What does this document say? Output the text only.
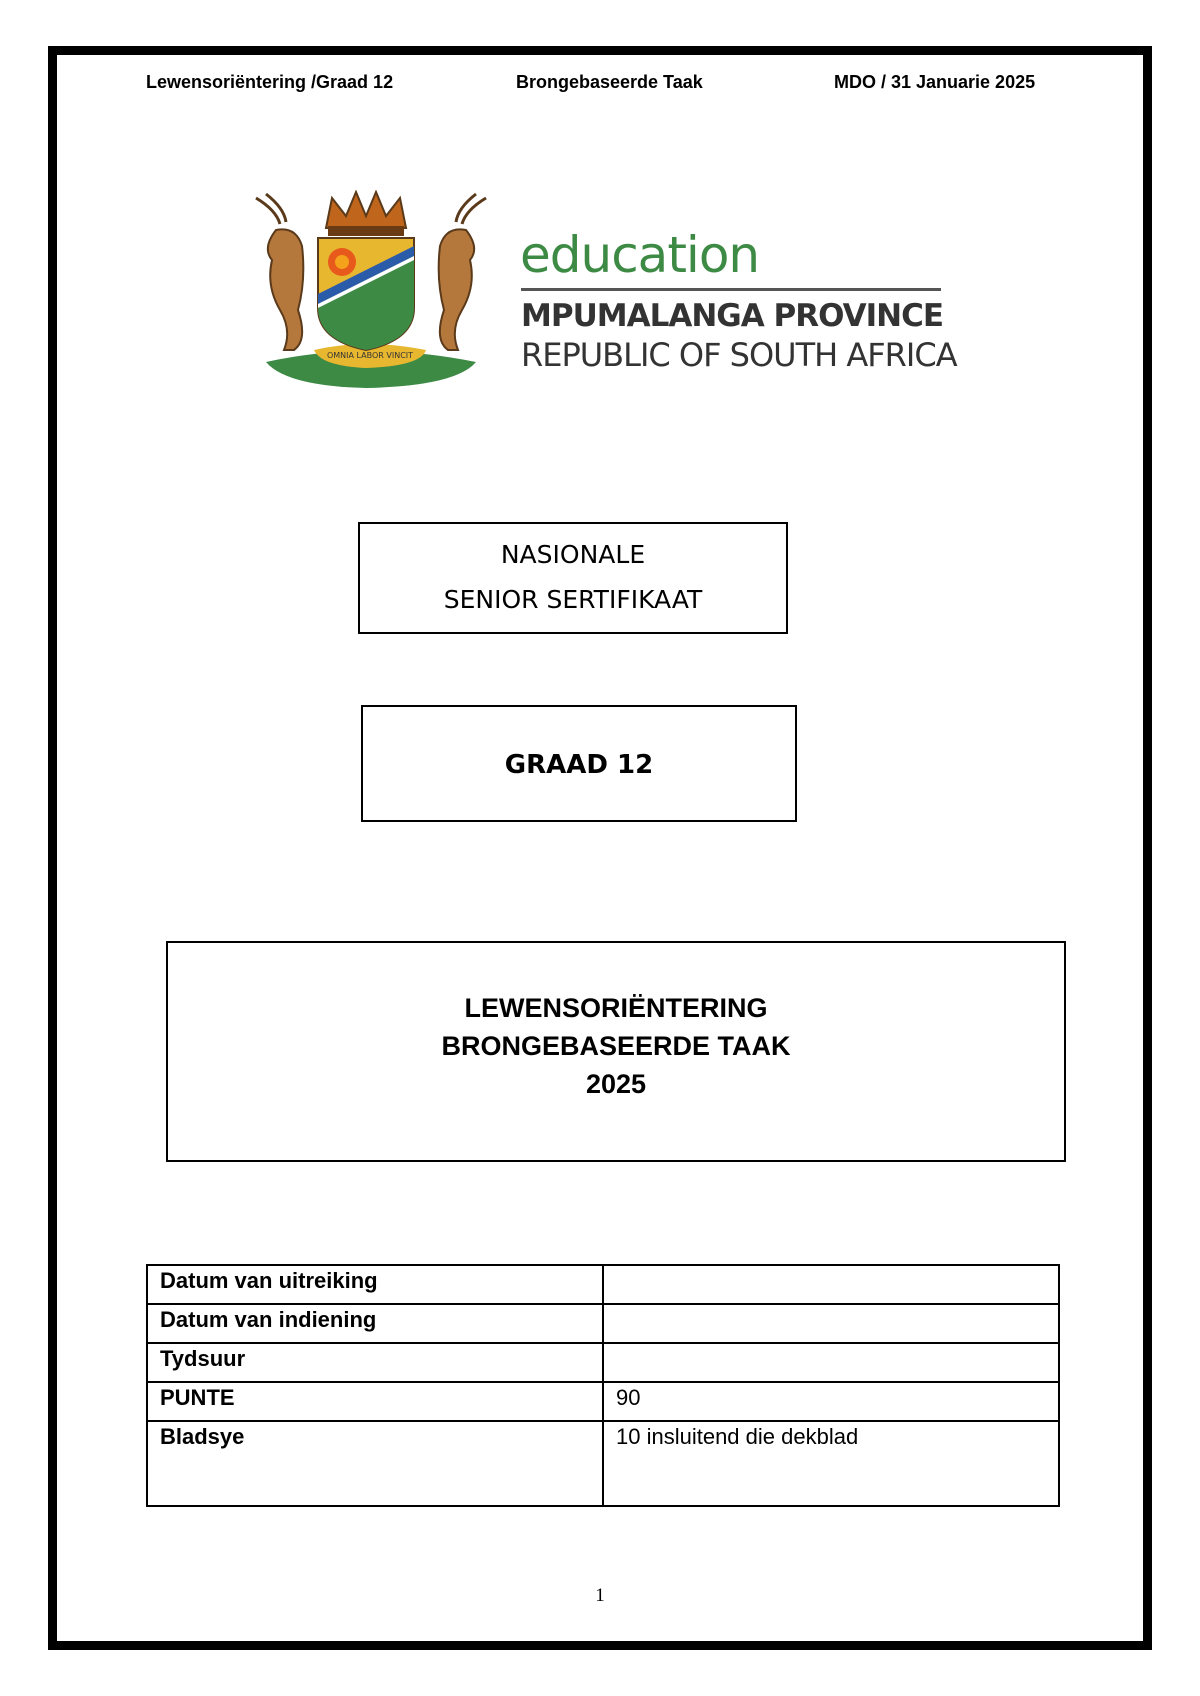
Lewensoriëntering /Graad 12	Brongebaseerde Taak	MDO / 31 Januarie 2025
OMNIA LABOR VINCIT
education
MPUMALANGA PROVINCE
REPUBLIC OF SOUTH AFRICA
NASIONALE
SENIOR SERTIFIKAAT
GRAAD 12
LEWENSORIËNTERING
BRONGEBASEERDE TAAK
2025
Datum van uitreiking	
Datum van indiening	
Tydsuur	
PUNTE	90
Bladsye	10 insluitend die dekblad
1
